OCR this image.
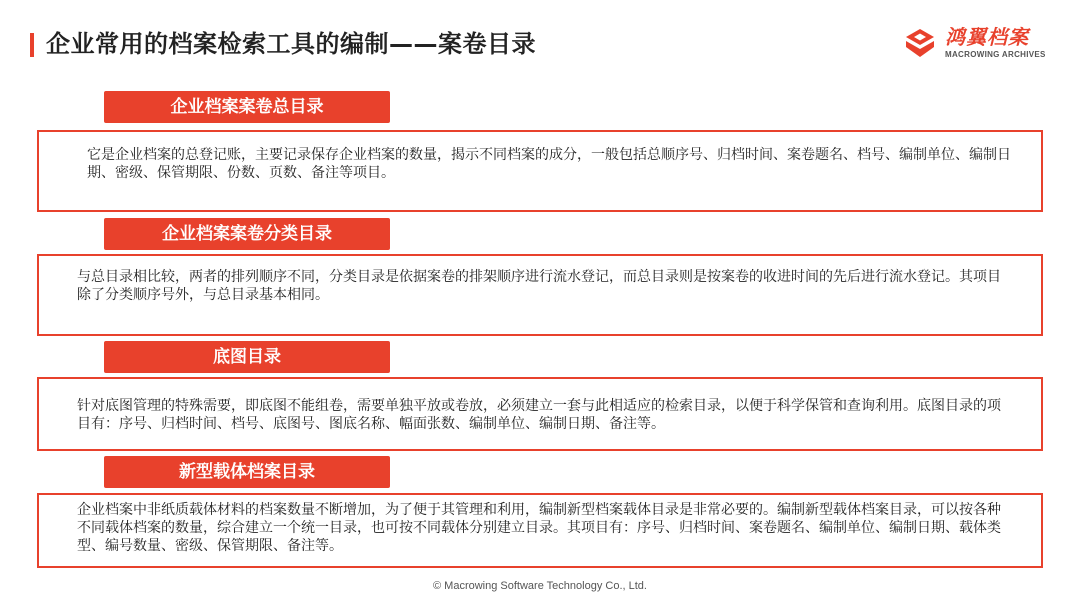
企业常用的档案检索工具的编制——案卷目录	鸿翼档案
MACROWING ARCHIVES
企业档案案卷总目录

它是企业档案的总登记账，主要记录保存企业档案的数量，揭示不同档案的成分，一般包括总顺序号、归档时间、案卷题名、档号、编制单位、编制日期、密级、保管期限、份数、页数、备注等项目。

企业档案案卷分类目录

与总目录相比较，两者的排列顺序不同，分类目录是依据案卷的排架顺序进行流水登记，而总目录则是按案卷的收进时间的先后进行流水登记。其项目除了分类顺序号外，与总目录基本相同。

底图目录

针对底图管理的特殊需要，即底图不能组卷，需要单独平放或卷放，必须建立一套与此相适应的检索目录，以便于科学保管和查询利用。底图目录的项目有：序号、归档时间、档号、底图号、图底名称、幅面张数、编制单位、编制日期、备注等。

新型载体档案目录

企业档案中非纸质载体材料的档案数量不断增加，为了便于其管理和利用，编制新型档案载体目录是非常必要的。编制新型载体档案目录，可以按各种不同载体档案的数量，综合建立一个统一目录，也可按不同载体分别建立目录。其项目有：序号、归档时间、案卷题名、编制单位、编制日期、载体类型、编号数量、密级、保管期限、备注等。

© Macrowing Software Technology Co., Ltd.
